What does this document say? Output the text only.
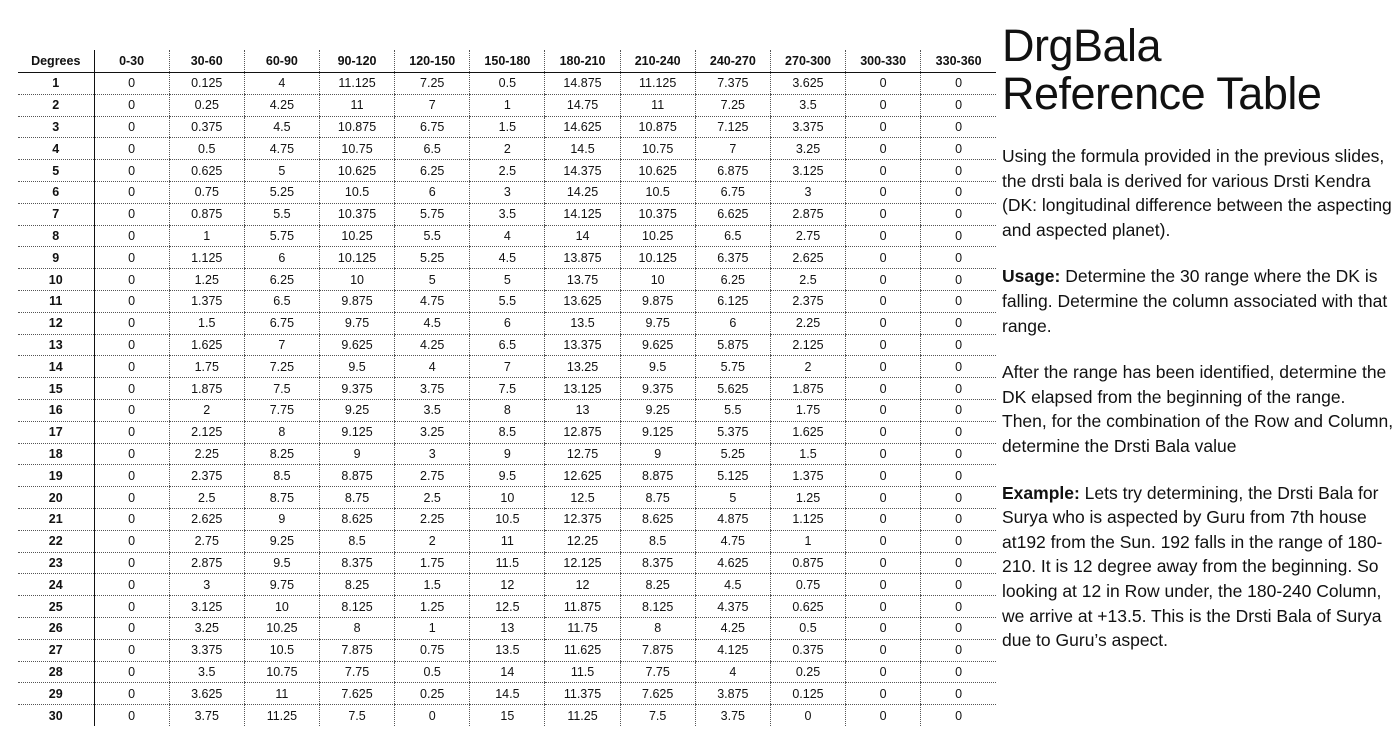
Degrees	0-30	30-60	60-90	90-120	120-150	150-180	180-210	210-240	240-270	270-300	300-330	330-360
1	0	0.125	4	11.125	7.25	0.5	14.875	11.125	7.375	3.625	0	0
2	0	0.25	4.25	11	7	1	14.75	11	7.25	3.5	0	0
3	0	0.375	4.5	10.875	6.75	1.5	14.625	10.875	7.125	3.375	0	0
4	0	0.5	4.75	10.75	6.5	2	14.5	10.75	7	3.25	0	0
5	0	0.625	5	10.625	6.25	2.5	14.375	10.625	6.875	3.125	0	0
6	0	0.75	5.25	10.5	6	3	14.25	10.5	6.75	3	0	0
7	0	0.875	5.5	10.375	5.75	3.5	14.125	10.375	6.625	2.875	0	0
8	0	1	5.75	10.25	5.5	4	14	10.25	6.5	2.75	0	0
9	0	1.125	6	10.125	5.25	4.5	13.875	10.125	6.375	2.625	0	0
10	0	1.25	6.25	10	5	5	13.75	10	6.25	2.5	0	0
11	0	1.375	6.5	9.875	4.75	5.5	13.625	9.875	6.125	2.375	0	0
12	0	1.5	6.75	9.75	4.5	6	13.5	9.75	6	2.25	0	0
13	0	1.625	7	9.625	4.25	6.5	13.375	9.625	5.875	2.125	0	0
14	0	1.75	7.25	9.5	4	7	13.25	9.5	5.75	2	0	0
15	0	1.875	7.5	9.375	3.75	7.5	13.125	9.375	5.625	1.875	0	0
16	0	2	7.75	9.25	3.5	8	13	9.25	5.5	1.75	0	0
17	0	2.125	8	9.125	3.25	8.5	12.875	9.125	5.375	1.625	0	0
18	0	2.25	8.25	9	3	9	12.75	9	5.25	1.5	0	0
19	0	2.375	8.5	8.875	2.75	9.5	12.625	8.875	5.125	1.375	0	0
20	0	2.5	8.75	8.75	2.5	10	12.5	8.75	5	1.25	0	0
21	0	2.625	9	8.625	2.25	10.5	12.375	8.625	4.875	1.125	0	0
22	0	2.75	9.25	8.5	2	11	12.25	8.5	4.75	1	0	0
23	0	2.875	9.5	8.375	1.75	11.5	12.125	8.375	4.625	0.875	0	0
24	0	3	9.75	8.25	1.5	12	12	8.25	4.5	0.75	0	0
25	0	3.125	10	8.125	1.25	12.5	11.875	8.125	4.375	0.625	0	0
26	0	3.25	10.25	8	1	13	11.75	8	4.25	0.5	0	0
27	0	3.375	10.5	7.875	0.75	13.5	11.625	7.875	4.125	0.375	0	0
28	0	3.5	10.75	7.75	0.5	14	11.5	7.75	4	0.25	0	0
29	0	3.625	11	7.625	0.25	14.5	11.375	7.625	3.875	0.125	0	0
30	0	3.75	11.25	7.5	0	15	11.25	7.5	3.75	0	0	0
DrgBala
Reference Table

Using the formula provided in the previous slides, the drsti bala is derived for various Drsti Kendra (DK: longitudinal difference between the aspecting and aspected planet).

Usage: Determine the 30 range where the DK is falling. Determine the column associated with that range.

After the range has been identified, determine the DK elapsed from the beginning of the range. Then, for the combination of the Row and Column, determine the Drsti Bala value

Example: Lets try determining, the Drsti Bala for Surya who is aspected by Guru from 7th house at192 from the Sun. 192 falls in the range of 180-210. It is 12 degree away from the beginning. So looking at 12 in Row under, the 180-240 Column, we arrive at +13.5. This is the Drsti Bala of Surya due to Guru’s aspect.
